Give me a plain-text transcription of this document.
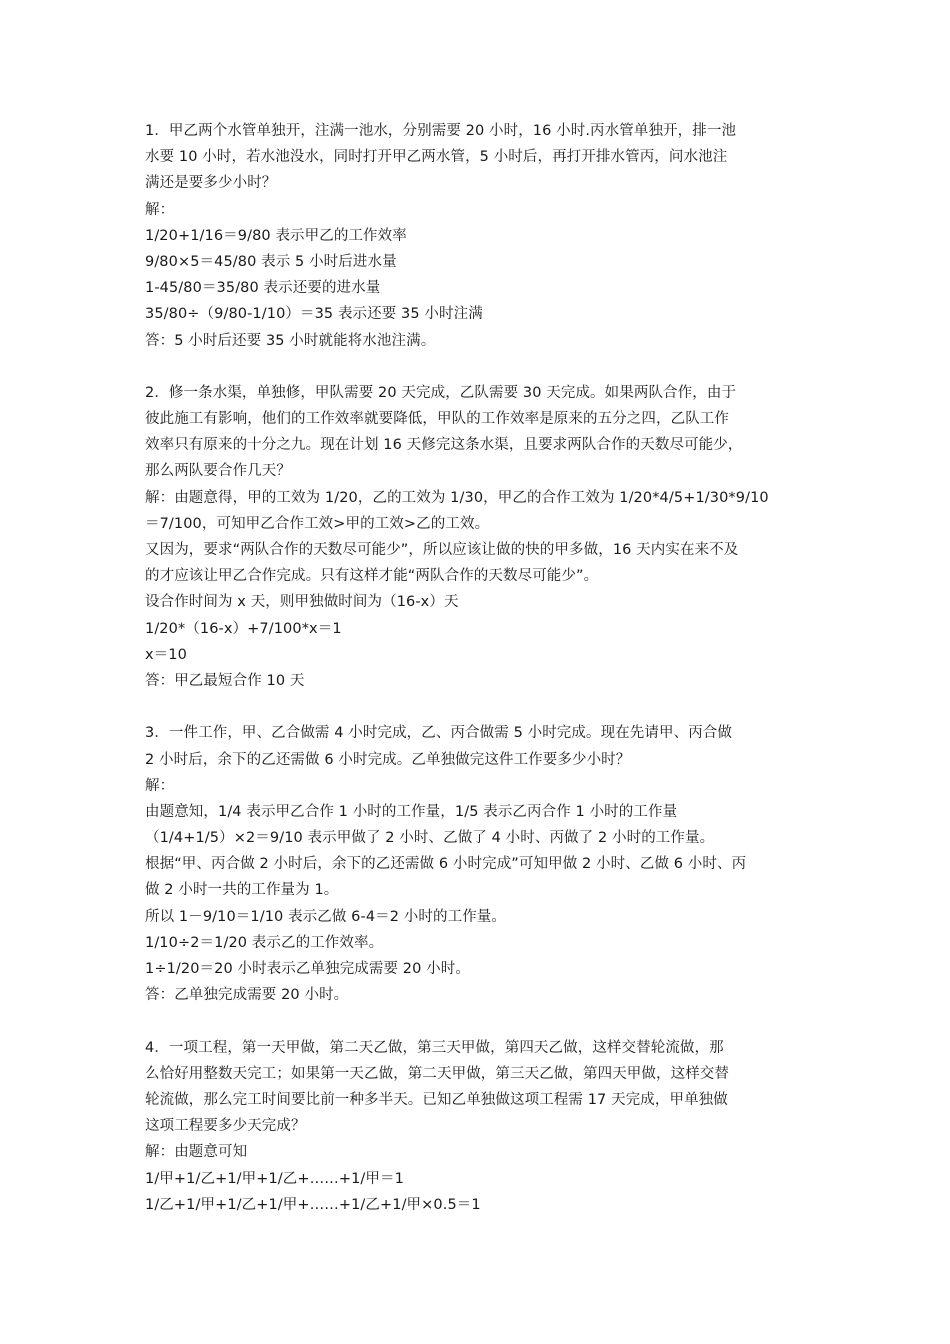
1．甲乙两个水管单独开，注满一池水，分别需要 20 小时，16 小时.丙水管单独开，排一池
水要 10 小时，若水池没水，同时打开甲乙两水管，5 小时后，再打开排水管丙，问水池注
满还是要多少小时？
解：
1/20+1/16＝9/80 表示甲乙的工作效率
9/80×5＝45/80 表示 5 小时后进水量
1-45/80＝35/80 表示还要的进水量
35/80÷（9/80-1/10）＝35 表示还要 35 小时注满
答：5 小时后还要 35 小时就能将水池注满。
2．修一条水渠，单独修，甲队需要 20 天完成，乙队需要 30 天完成。如果两队合作，由于
彼此施工有影响，他们的工作效率就要降低，甲队的工作效率是原来的五分之四，乙队工作
效率只有原来的十分之九。现在计划 16 天修完这条水渠，且要求两队合作的天数尽可能少，
那么两队要合作几天？
解：由题意得，甲的工效为 1/20，乙的工效为 1/30，甲乙的合作工效为 1/20*4/5+1/30*9/10
＝7/100，可知甲乙合作工效>甲的工效>乙的工效。
又因为，要求“两队合作的天数尽可能少”，所以应该让做的快的甲多做，16 天内实在来不及
的才应该让甲乙合作完成。只有这样才能“两队合作的天数尽可能少”。
设合作时间为 x 天，则甲独做时间为（16-x）天
1/20*（16-x）+7/100*x＝1
x＝10
答：甲乙最短合作 10 天
3．一件工作，甲、乙合做需 4 小时完成，乙、丙合做需 5 小时完成。现在先请甲、丙合做
2 小时后，余下的乙还需做 6 小时完成。乙单独做完这件工作要多少小时？
解：
由题意知，1/4 表示甲乙合作 1 小时的工作量，1/5 表示乙丙合作 1 小时的工作量
（1/4+1/5）×2＝9/10 表示甲做了 2 小时、乙做了 4 小时、丙做了 2 小时的工作量。
根据“甲、丙合做 2 小时后，余下的乙还需做 6 小时完成”可知甲做 2 小时、乙做 6 小时、丙
做 2 小时一共的工作量为 1。
所以 1－9/10＝1/10 表示乙做 6-4＝2 小时的工作量。
1/10÷2＝1/20 表示乙的工作效率。
1÷1/20＝20 小时表示乙单独完成需要 20 小时。
答：乙单独完成需要 20 小时。
4．一项工程，第一天甲做，第二天乙做，第三天甲做，第四天乙做，这样交替轮流做，那
么恰好用整数天完工；如果第一天乙做，第二天甲做，第三天乙做，第四天甲做，这样交替
轮流做，那么完工时间要比前一种多半天。已知乙单独做这项工程需 17 天完成，甲单独做
这项工程要多少天完成？
解：由题意可知
1/甲+1/乙+1/甲+1/乙+……+1/甲＝1
1/乙+1/甲+1/乙+1/甲+……+1/乙+1/甲×0.5＝1
